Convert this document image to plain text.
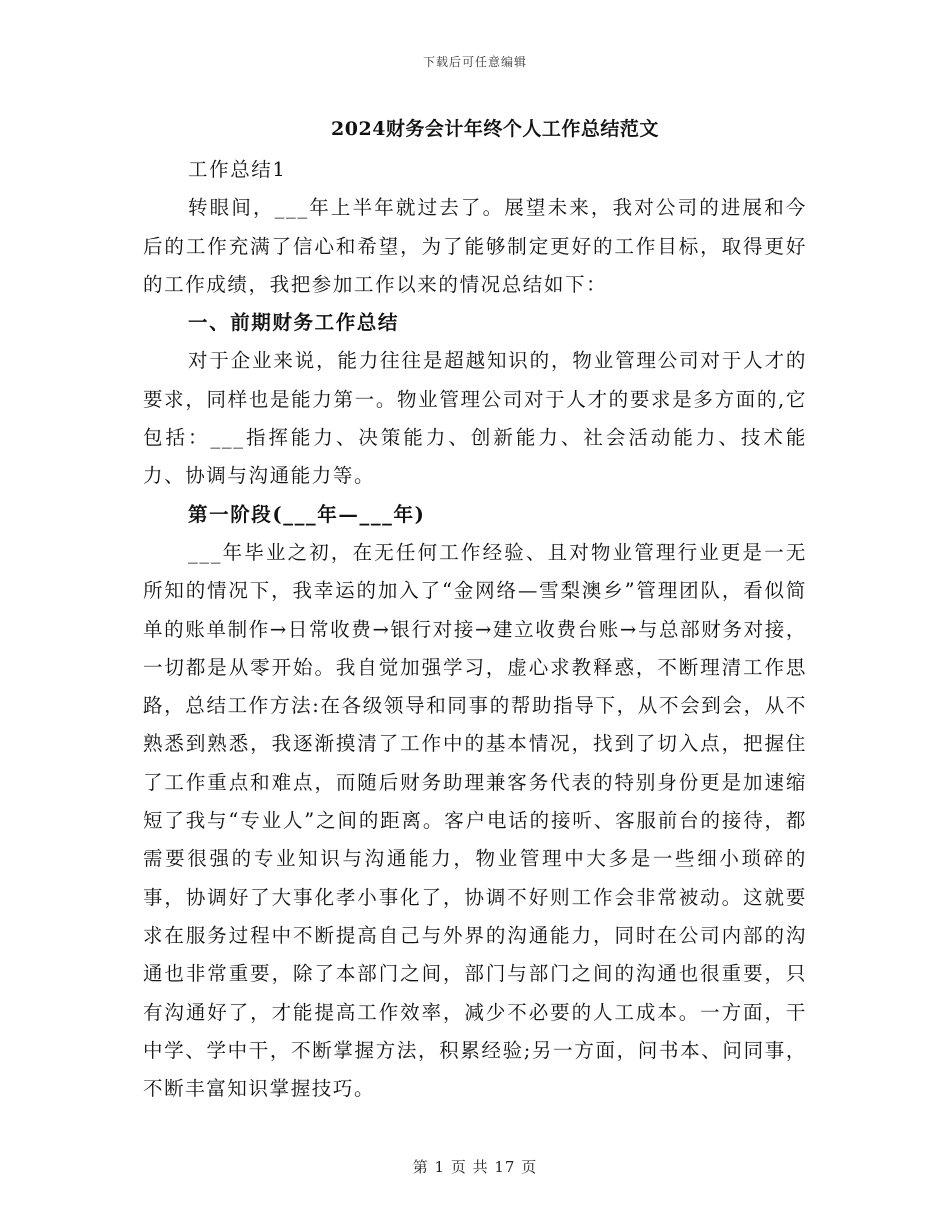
下载后可任意编辑
2024财务会计年终个人工作总结范文

工作总结1

转眼间，___年上半年就过去了。展望未来，我对公司的进展和今后的工作充满了信心和希望，为了能够制定更好的工作目标，取得更好的工作成绩，我把参加工作以来的情况总结如下：

一、前期财务工作总结

对于企业来说，能力往往是超越知识的，物业管理公司对于人才的要求，同样也是能力第一。物业管理公司对于人才的要求是多方面的,它包括：___指挥能力、决策能力、创新能力、社会活动能力、技术能力、协调与沟通能力等。

第一阶段(___年—___年)

___年毕业之初，在无任何工作经验、且对物业管理行业更是一无所知的情况下，我幸运的加入了“金网络—雪梨澳乡”管理团队，看似简单的账单制作→日常收费→银行对接→建立收费台账→与总部财务对接，一切都是从零开始。我自觉加强学习，虚心求教释惑，不断理清工作思路，总结工作方法:在各级领导和同事的帮助指导下，从不会到会，从不熟悉到熟悉，我逐渐摸清了工作中的基本情况，找到了切入点，把握住了工作重点和难点，而随后财务助理兼客务代表的特别身份更是加速缩短了我与“专业人”之间的距离。客户电话的接听、客服前台的接待，都需要很强的专业知识与沟通能力，物业管理中大多是一些细小琐碎的事，协调好了大事化孝小事化了，协调不好则工作会非常被动。这就要求在服务过程中不断提高自己与外界的沟通能力，同时在公司内部的沟通也非常重要，除了本部门之间，部门与部门之间的沟通也很重要，只有沟通好了，才能提高工作效率，减少不必要的人工成本。一方面，干中学、学中干，不断掌握方法，积累经验;另一方面，问书本、问同事，不断丰富知识掌握技巧。

第 1 页 共 17 页
